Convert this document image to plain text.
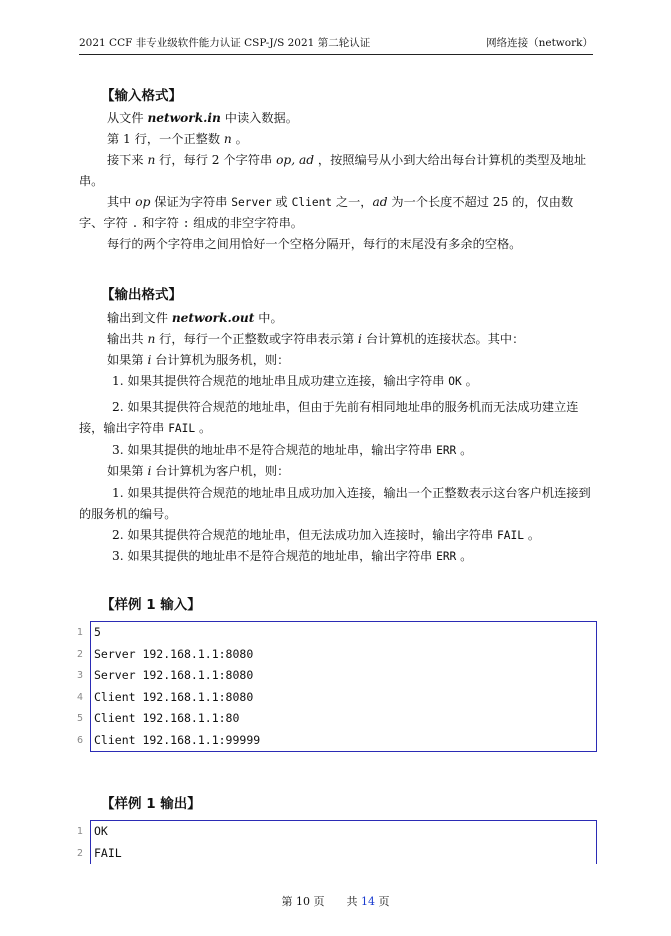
2021 CCF 非专业级软件能力认证 CSP-J/S 2021 第二轮认证	网络连接（network）
【输入格式】
从文件 network.in 中读入数据。
第 1 行，一个正整数 n 。
接下来 n 行，每行 2 个字符串 op, ad ，按照编号从小到大给出每台计算机的类型及地址串。
其中 op 保证为字符串 Server 或 Client 之一，ad 为一个长度不超过 25 的，仅由数字、字符 . 和字符 : 组成的非空字符串。
每行的两个字符串之间用恰好一个空格分隔开，每行的末尾没有多余的空格。
【输出格式】
输出到文件 network.out 中。
输出共 n 行，每行一个正整数或字符串表示第 i 台计算机的连接状态。其中：
如果第 i 台计算机为服务机，则：
1. 如果其提供符合规范的地址串且成功建立连接，输出字符串 OK 。
2. 如果其提供符合规范的地址串，但由于先前有相同地址串的服务机而无法成功建立连接，输出字符串 FAIL 。
3. 如果其提供的地址串不是符合规范的地址串，输出字符串 ERR 。
如果第 i 台计算机为客户机，则：
1. 如果其提供符合规范的地址串且成功加入连接，输出一个正整数表示这台客户机连接到的服务机的编号。
2. 如果其提供符合规范的地址串，但无法成功加入连接时，输出字符串 FAIL 。
3. 如果其提供的地址串不是符合规范的地址串，输出字符串 ERR 。
【样例 1 输入】
1 5
2 Server 192.168.1.1:8080
3 Server 192.168.1.1:8080
4 Client 192.168.1.1:8080
5 Client 192.168.1.1:80
6 Client 192.168.1.1:99999
【样例 1 输出】
1 OK
2 FAIL
第 10 页　　共 14 页
